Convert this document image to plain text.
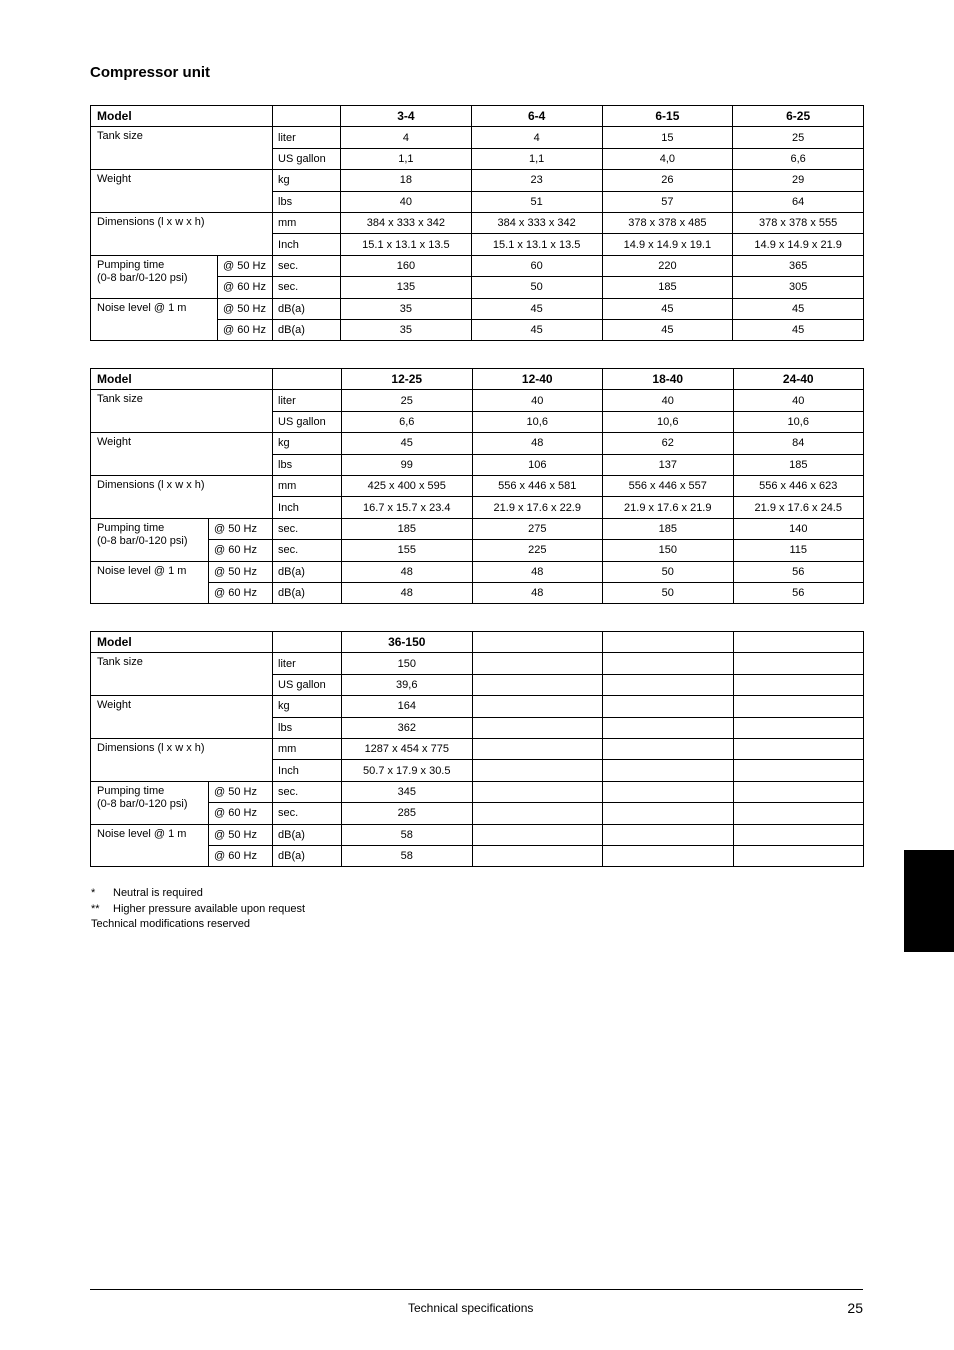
Compressor unit
Model			3-4	6-4	6-15	6-25
Tank size		liter	4	4	15	25
		US gallon	1,1	1,1	4,0	6,6
Weight		kg	18	23	26	29
		lbs	40	51	57	64
Dimensions (l x w x h)		mm	384 x 333 x 342	384 x 333 x 342	378 x 378 x 485	378 x 378 x 555
		Inch	15.1 x 13.1 x 13.5	15.1 x 13.1 x 13.5	14.9 x 14.9 x 19.1	14.9 x 14.9 x 21.9

Pumping time
(0-8 bar/0-120 psi)	@ 50 Hz	sec.	160	60	220	365
	@ 60 Hz	sec.	135	50	185	305
Noise level @ 1 m	@ 50 Hz	dB(a)	35	45	45	45
	@ 60 Hz	dB(a)	35	45	45	45
Model			12-25	12-40	18-40	24-40
Tank size		liter	25	40	40	40
		US gallon	6,6	10,6	10,6	10,6
Weight		kg	45	48	62	84
		lbs	99	106	137	185
Dimensions (l x w x h)		mm	425 x 400 x 595	556 x 446 x 581	556 x 446 x 557	556 x 446 x 623
		Inch	16.7 x 15.7 x 23.4	21.9 x 17.6 x 22.9	21.9 x 17.6 x 21.9	21.9 x 17.6 x 24.5

Pumping time
(0-8 bar/0-120 psi)	@ 50 Hz	sec.	185	275	185	140
	@ 60 Hz	sec.	155	225	150	115
Noise level @ 1 m	@ 50 Hz	dB(a)	48	48	50	56
	@ 60 Hz	dB(a)	48	48	50	56
Model			36-150			
Tank size		liter	150			
		US gallon	39,6			
Weight		kg	164			
		lbs	362			
Dimensions (l x w x h)		mm	1287 x 454 x 775			
		Inch	50.7 x 17.9 x 30.5			

Pumping time
(0-8 bar/0-120 psi)	@ 50 Hz	sec.	345			
	@ 60 Hz	sec.	285			
Noise level @ 1 m	@ 50 Hz	dB(a)	58			
	@ 60 Hz	dB(a)	58			
*	Neutral is required
**	Higher pressure available upon request
Technical modifications reserved
Technical specifications	25
